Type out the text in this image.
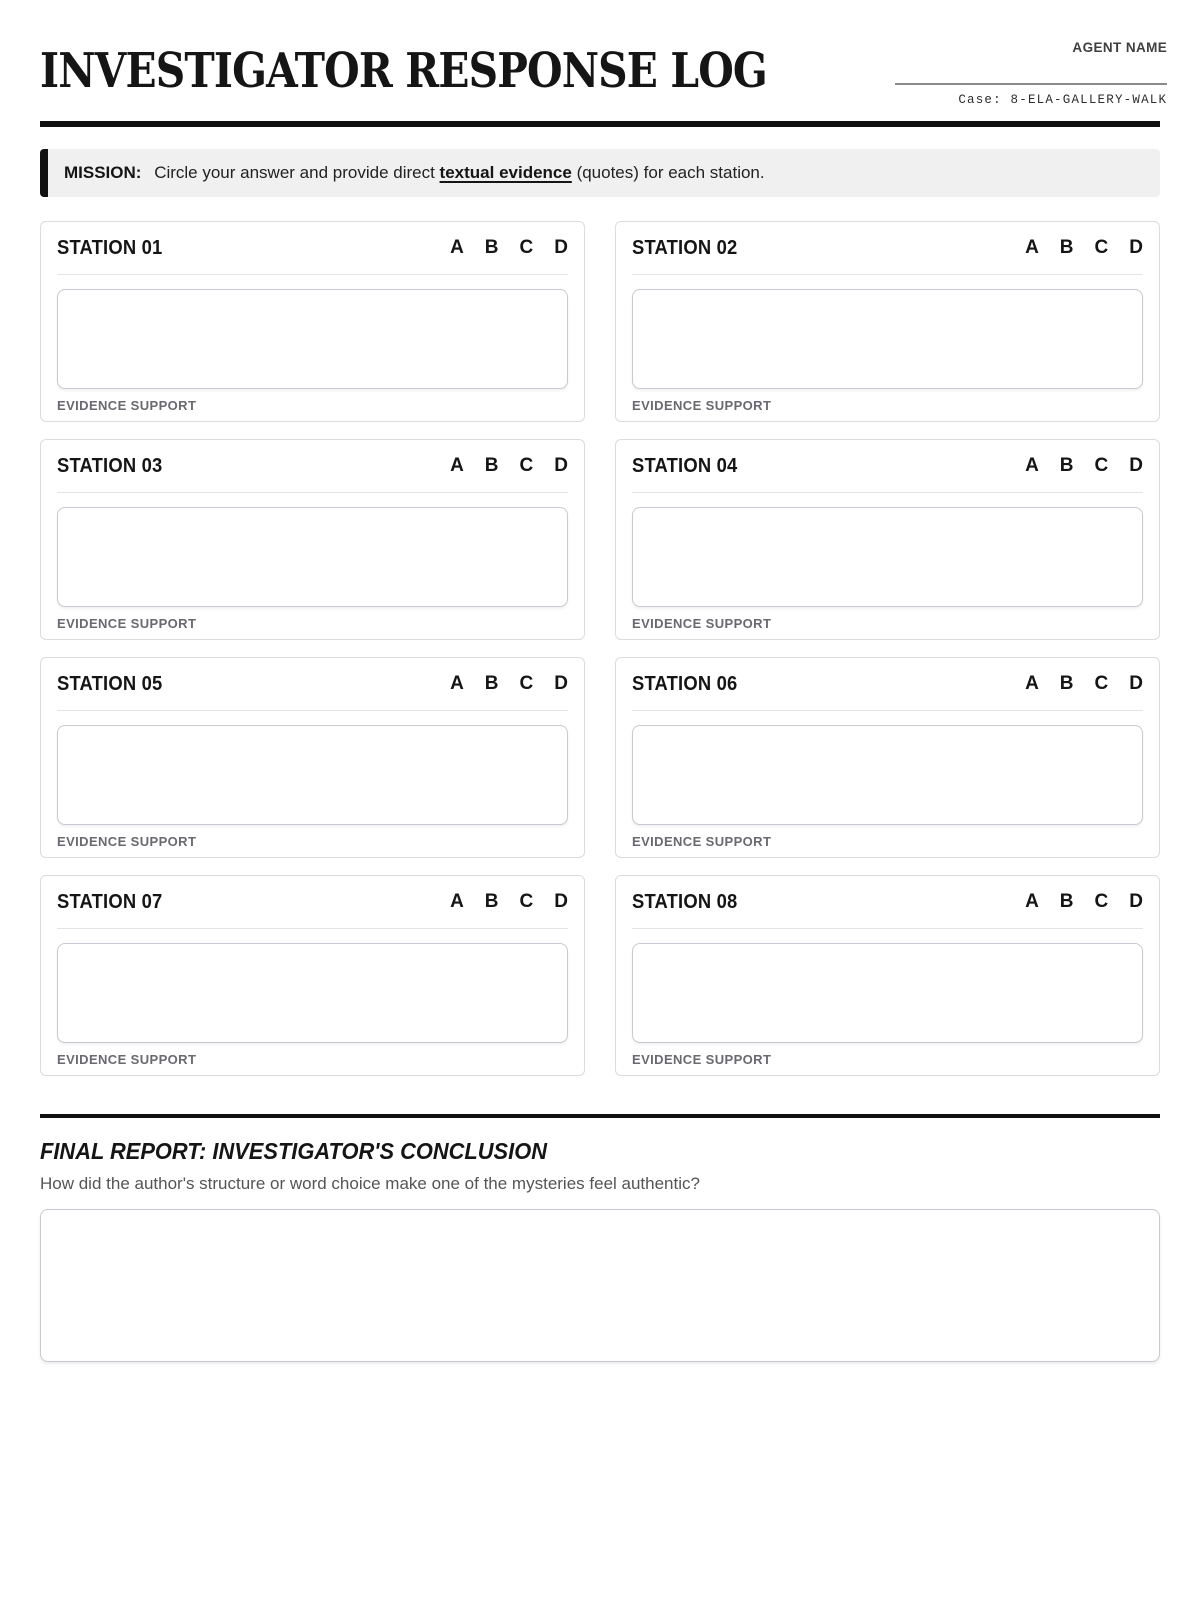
INVESTIGATOR RESPONSE LOG	AGENT NAME
Case: 8-ELA-GALLERY-WALK
MISSION: Circle your answer and provide direct textual evidence (quotes) for each station.
STATION 01	A B C D
EVIDENCE SUPPORT
STATION 02	A B C D
EVIDENCE SUPPORT
STATION 03	A B C D
EVIDENCE SUPPORT
STATION 04	A B C D
EVIDENCE SUPPORT
STATION 05	A B C D
EVIDENCE SUPPORT
STATION 06	A B C D
EVIDENCE SUPPORT
STATION 07	A B C D
EVIDENCE SUPPORT
STATION 08	A B C D
EVIDENCE SUPPORT
FINAL REPORT: INVESTIGATOR'S CONCLUSION

How did the author's structure or word choice make one of the mysteries feel authentic?
